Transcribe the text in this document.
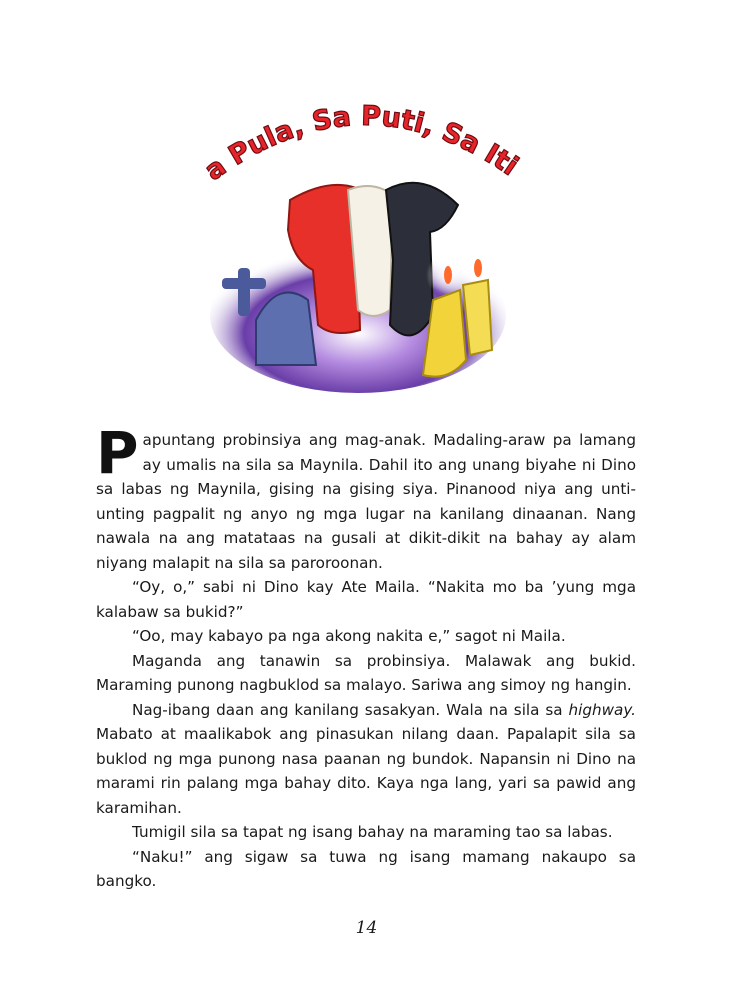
a Pula, Sa Puti, Sa Iti

Papuntang probinsiya ang mag-anak. Madaling-araw pa lamang ay umalis na sila sa Maynila. Dahil ito ang unang biyahe ni Dino sa labas ng Maynila, gising na gising siya. Pinanood niya ang unti-unting pagpalit ng anyo ng mga lugar na kanilang dinaanan. Nang nawala na ang matataas na gusali at dikit-dikit na bahay ay alam niyang malapit na sila sa paroroonan.

“Oy, o,” sabi ni Dino kay Ate Maila. “Nakita mo ba ’yung mga kalabaw sa bukid?”

“Oo, may kabayo pa nga akong nakita e,” sagot ni Maila.

Maganda ang tanawin sa probinsiya. Malawak ang bukid. Maraming punong nagbuklod sa malayo. Sariwa ang simoy ng hangin.

Nag-ibang daan ang kanilang sasakyan. Wala na sila sa highway. Mabato at maalikabok ang pinasukan nilang daan. Papalapit sila sa buklod ng mga punong nasa paanan ng bundok. Napansin ni Dino na marami rin palang mga bahay dito. Kaya nga lang, yari sa pawid ang karamihan.

Tumigil sila sa tapat ng isang bahay na maraming tao sa labas.

“Naku!” ang sigaw sa tuwa ng isang mamang nakaupo sa bangko.

14
